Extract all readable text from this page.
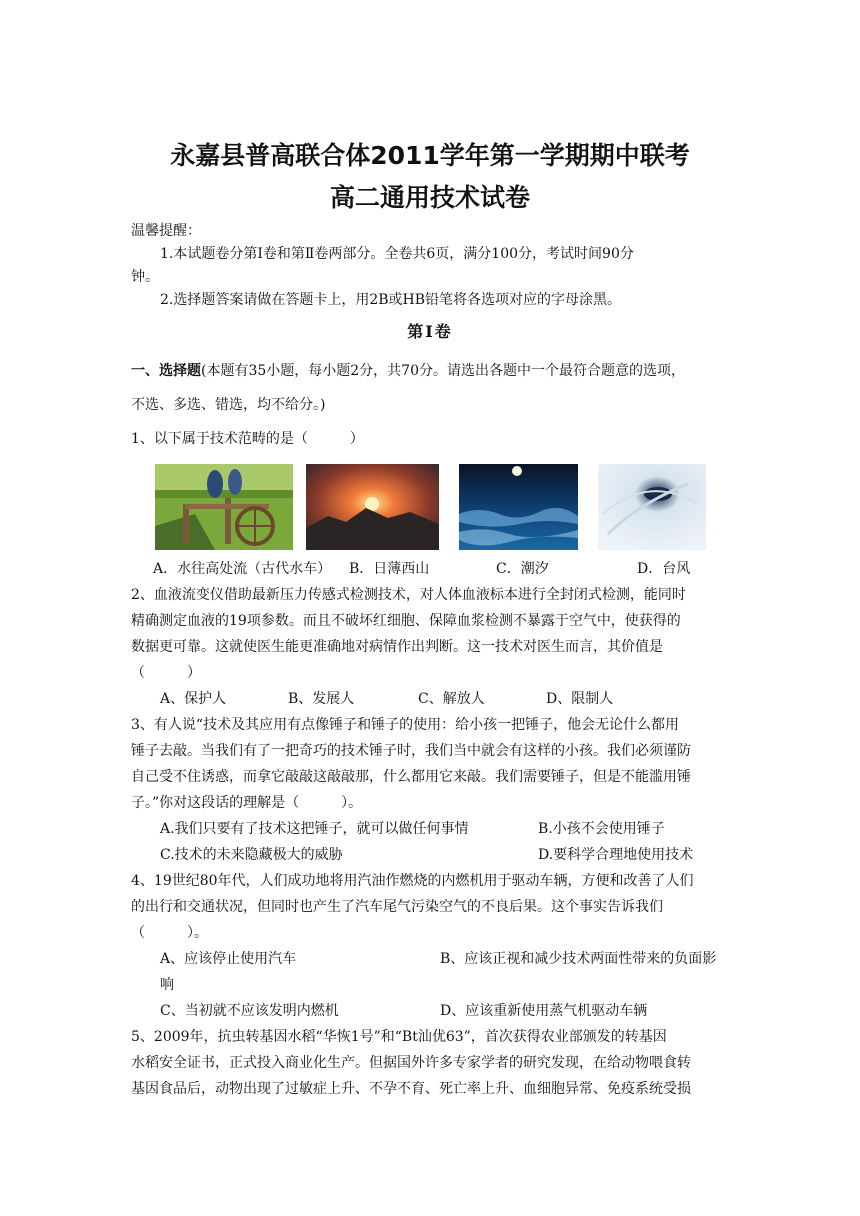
永嘉县普高联合体2011学年第一学期期中联考
高二通用技术试卷
温馨提醒：
1.本试题卷分第Ⅰ卷和第Ⅱ卷两部分。全卷共6页，满分100分，考试时间90分
钟。
2.选择题答案请做在答题卡上，用2B或HB铅笔将各选项对应的字母涂黑。
第Ⅰ卷
一、选择题(本题有35小题，每小题2分，共70分。请选出各题中一个最符合题意的选项，
不选、多选、错选，均不给分。)
1、以下属于技术范畴的是（　　　）
A．水往高处流（古代水车） B．日薄西山	C．潮汐	D．台风
2、血液流变仪借助最新压力传感式检测技术，对人体血液标本进行全封闭式检测，能同时
精确测定血液的19项参数。而且不破坏红细胞、保障血浆检测不暴露于空气中，使获得的
数据更可靠。这就使医生能更准确地对病情作出判断。这一技术对医生而言，其价值是
（　　　）
A、保护人	B、发展人	C、解放人	D、限制人
3、有人说“技术及其应用有点像锤子和锤子的使用：给小孩一把锤子，他会无论什么都用
锤子去敲。当我们有了一把奇巧的技术锤子时，我们当中就会有这样的小孩。我们必须谨防
自己受不住诱惑，而拿它敲敲这敲敲那，什么都用它来敲。我们需要锤子，但是不能滥用锤
子。”你对这段话的理解是（　　　）。
A.我们只要有了技术这把锤子，就可以做任何事情	B.小孩不会使用锤子
C.技术的未来隐藏极大的威胁	D.要科学合理地使用技术
4、19世纪80年代，人们成功地将用汽油作燃烧的内燃机用于驱动车辆，方便和改善了人们
的出行和交通状况，但同时也产生了汽车尾气污染空气的不良后果。这个事实告诉我们
（　　　）。
A、应该停止使用汽车	B、应该正视和减少技术两面性带来的负面影
响
C、当初就不应该发明内燃机	D、应该重新使用蒸气机驱动车辆
5、2009年，抗虫转基因水稻“华恢1号”和“Bt汕优63”，首次获得农业部颁发的转基因
水稻安全证书，正式投入商业化生产。但据国外许多专家学者的研究发现，在给动物喂食转
基因食品后，动物出现了过敏症上升、不孕不育、死亡率上升、血细胞异常、免疫系统受损
